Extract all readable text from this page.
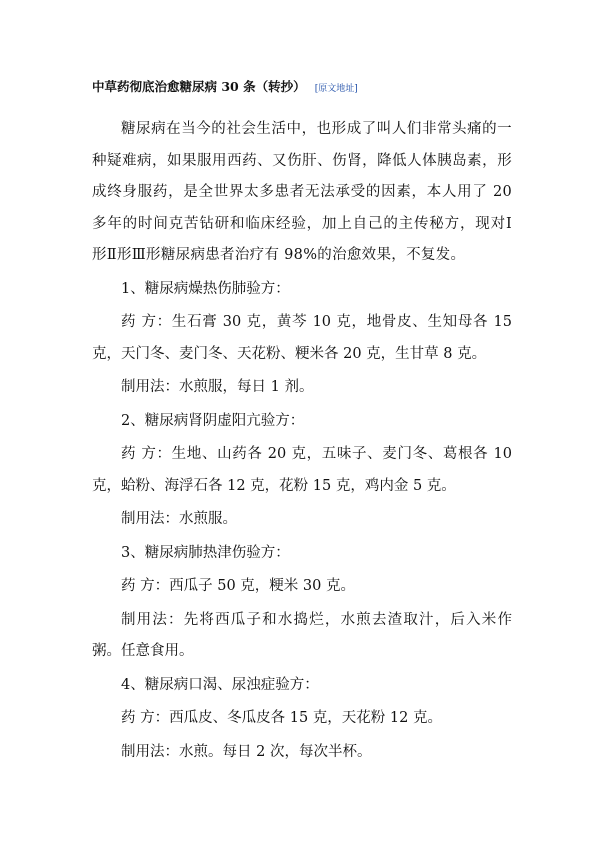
中草药彻底治愈糖尿病 30 条（转抄） [原文地址]

糖尿病在当今的社会生活中，也形成了叫人们非常头痛的一种疑难病，如果服用西药、又伤肝、伤肾，降低人体胰岛素，形成终身服药，是全世界太多患者无法承受的因素，本人用了 20 多年的时间克苦钻研和临床经验，加上自己的主传秘方，现对Ⅰ形Ⅱ形Ⅲ形糖尿病患者治疗有 98%的治愈效果，不复发。

1、糖尿病燥热伤肺验方：

药 方：生石膏 30 克，黄芩 10 克，地骨皮、生知母各 15 克，天门冬、麦门冬、天花粉、粳米各 20 克，生甘草 8 克。

制用法：水煎服，每日 1 剂。

2、糖尿病肾阴虚阳亢验方：

药 方：生地、山药各 20 克，五味子、麦门冬、葛根各 10 克，蛤粉、海浮石各 12 克，花粉 15 克，鸡内金 5 克。

制用法：水煎服。

3、糖尿病肺热津伤验方：

药 方：西瓜子 50 克，粳米 30 克。

制用法：先将西瓜子和水捣烂，水煎去渣取汁，后入米作粥。任意食用。

4、糖尿病口渴、尿浊症验方：

药 方：西瓜皮、冬瓜皮各 15 克，天花粉 12 克。

制用法：水煎。每日 2 次，每次半杯。
